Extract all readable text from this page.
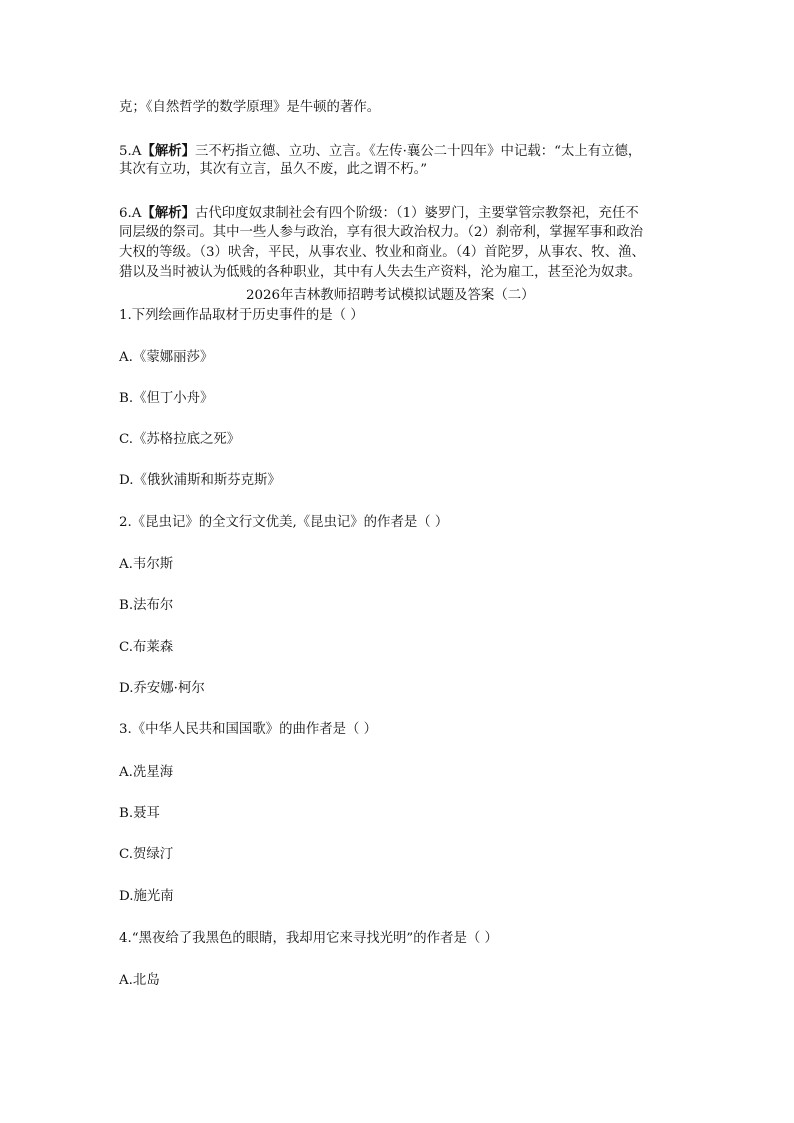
克；《自然哲学的数学原理》是牛顿的著作。
5.A【解析】三不朽指立德、立功、立言。《左传·襄公二十四年》中记载：“太上有立德，
其次有立功，其次有立言，虽久不废，此之谓不朽。”
6.A【解析】古代印度奴隶制社会有四个阶级：（1）婆罗门，主要掌管宗教祭祀，充任不
同层级的祭司。其中一些人参与政治，享有很大政治权力。（2）刹帝利，掌握军事和政治
大权的等级。（3）吠舍，平民，从事农业、牧业和商业。（4）首陀罗，从事农、牧、渔、
猎以及当时被认为低贱的各种职业，其中有人失去生产资料，沦为雇工，甚至沦为奴隶。
2026年吉林教师招聘考试模拟试题及答案（二）
1.下列绘画作品取材于历史事件的是（ ）
A.《蒙娜丽莎》
B.《但丁小舟》
C.《苏格拉底之死》
D.《俄狄浦斯和斯芬克斯》
2.《昆虫记》的全文行文优美,《昆虫记》的作者是（ ）
A.韦尔斯
B.法布尔
C.布莱森
D.乔安娜·柯尔
3.《中华人民共和国国歌》的曲作者是（ ）
A.冼星海
B.聂耳
C.贺绿汀
D.施光南
4.“黑夜给了我黑色的眼睛，我却用它来寻找光明”的作者是（ ）
A.北岛
